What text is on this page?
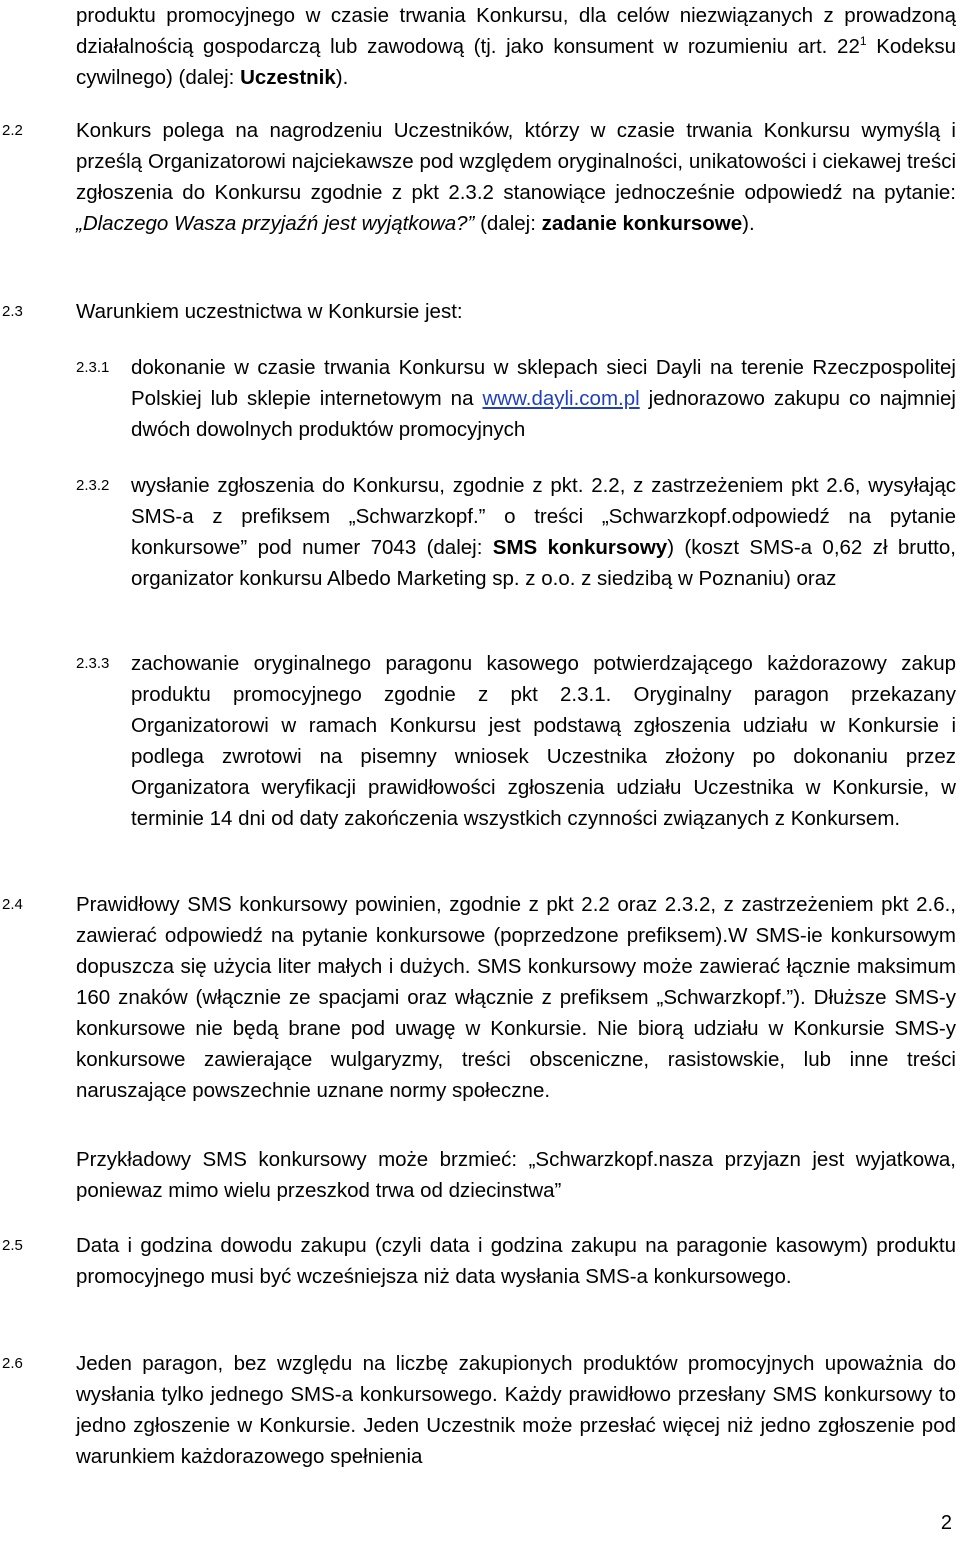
produktu promocyjnego w czasie trwania Konkursu, dla celów niezwiązanych z prowadzoną działalnością gospodarczą lub zawodową (tj. jako konsument w rozumieniu art. $22^1$ Kodeksu cywilnego) (dalej: Uczestnik).
2.2	Konkurs polega na nagrodzeniu Uczestników, którzy w czasie trwania Konkursu wymyślą i prześlą Organizatorowi najciekawsze pod względem oryginalności, unikatowości i ciekawej treści zgłoszenia do Konkursu zgodnie z pkt 2.3.2 stanowiące jednocześnie odpowiedź na pytanie: „Dlaczego Wasza przyjaźń jest wyjątkowa?” (dalej: zadanie konkursowe).
2.3	Warunkiem uczestnictwa w Konkursie jest:
2.3.1 dokonanie w czasie trwania Konkursu w sklepach sieci Dayli na terenie Rzeczpospolitej Polskiej lub sklepie internetowym na www.dayli.com.pl jednorazowo zakupu co najmniej dwóch dowolnych produktów promocyjnych
2.3.2 wysłanie zgłoszenia do Konkursu, zgodnie z pkt. 2.2, z zastrzeżeniem pkt 2.6, wysyłając SMS-a z prefiksem „Schwarzkopf.” o treści „Schwarzkopf.odpowiedź na pytanie konkursowe” pod numer 7043 (dalej: SMS konkursowy) (koszt SMS-a 0,62 zł brutto, organizator konkursu Albedo Marketing sp. z o.o. z siedzibą w Poznaniu) oraz
2.3.3 zachowanie oryginalnego paragonu kasowego potwierdzającego każdorazowy zakup produktu promocyjnego zgodnie z pkt 2.3.1. Oryginalny paragon przekazany Organizatorowi w ramach Konkursu jest podstawą zgłoszenia udziału w Konkursie i podlega zwrotowi na pisemny wniosek Uczestnika złożony po dokonaniu przez Organizatora weryfikacji prawidłowości zgłoszenia udziału Uczestnika w Konkursie, w terminie 14 dni od daty zakończenia wszystkich czynności związanych z Konkursem.
2.4	Prawidłowy SMS konkursowy powinien, zgodnie z pkt 2.2 oraz 2.3.2, z zastrzeżeniem pkt 2.6., zawierać odpowiedź na pytanie konkursowe (poprzedzone prefiksem).W SMS-ie konkursowym dopuszcza się użycia liter małych i dużych. SMS konkursowy może zawierać łącznie maksimum 160 znaków (włącznie ze spacjami oraz włącznie z prefiksem „Schwarzkopf.”). Dłuższe SMS-y konkursowe nie będą brane pod uwagę w Konkursie. Nie biorą udziału w Konkursie SMS-y konkursowe zawierające wulgaryzmy, treści obsceniczne, rasistowskie, lub inne treści naruszające powszechnie uznane normy społeczne.
Przykładowy SMS konkursowy może brzmieć: „Schwarzkopf.nasza przyjazn jest wyjatkowa, poniewaz mimo wielu przeszkod trwa od dziecinstwa”
2.5	Data i godzina dowodu zakupu (czyli data i godzina zakupu na paragonie kasowym) produktu promocyjnego musi być wcześniejsza niż data wysłania SMS-a konkursowego.
2.6	Jeden paragon, bez względu na liczbę zakupionych produktów promocyjnych upoważnia do wysłania tylko jednego SMS-a konkursowego. Każdy prawidłowo przesłany SMS konkursowy to jedno zgłoszenie w Konkursie. Jeden Uczestnik może przesłać więcej niż jedno zgłoszenie pod warunkiem każdorazowego spełnienia
2
